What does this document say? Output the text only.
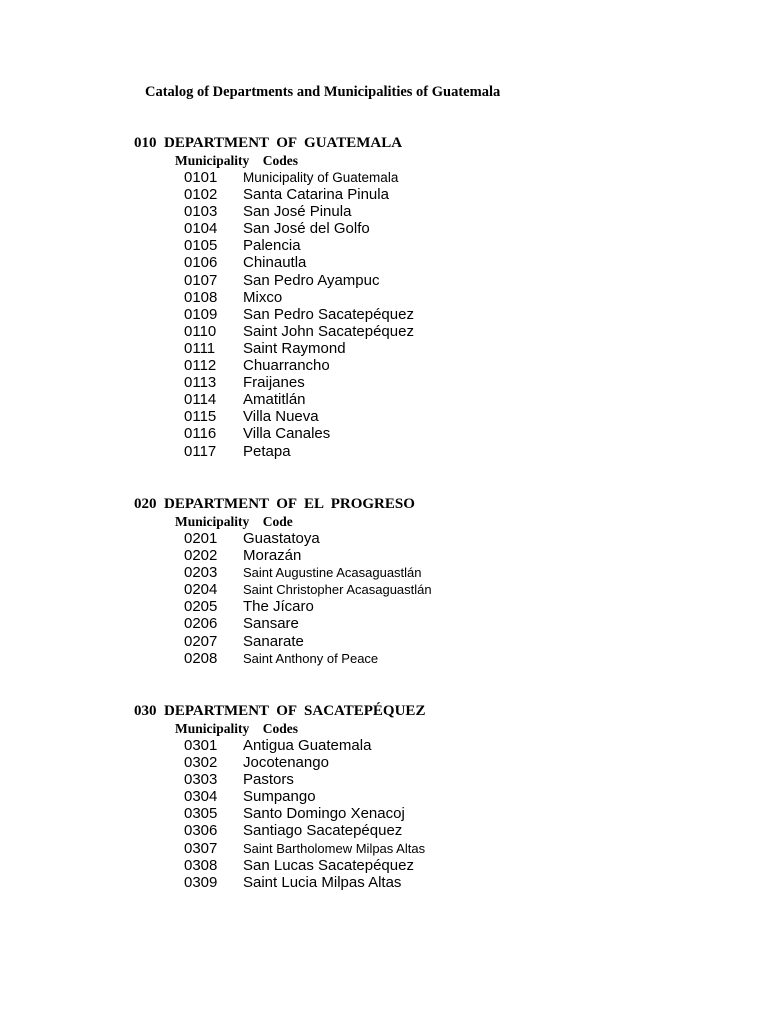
Catalog of Departments and Municipalities of Guatemala
010  DEPARTMENT  OF  GUATEMALA
Municipality    Codes
0101 Municipality of Guatemala
0102 Santa Catarina Pinula
0103 San José Pinula
0104 San José del Golfo
0105 Palencia
0106 Chinautla
0107 San Pedro Ayampuc
0108 Mixco
0109 San Pedro Sacatepéquez
0110 Saint John Sacatepéquez
0111 Saint Raymond
0112 Chuarrancho
0113 Fraijanes
0114 Amatitlán
0115 Villa Nueva
0116 Villa Canales
0117 Petapa
020  DEPARTMENT  OF  EL  PROGRESO
Municipality    Code
0201 Guastatoya
0202 Morazán
0203 Saint Augustine Acasaguastlán
0204 Saint Christopher Acasaguastlán
0205 The Jícaro
0206 Sansare
0207 Sanarate
0208 Saint Anthony of Peace
030  DEPARTMENT  OF  SACATEPÉQUEZ
Municipality    Codes
0301 Antigua Guatemala
0302 Jocotenango
0303 Pastors
0304 Sumpango
0305 Santo Domingo Xenacoj
0306 Santiago Sacatepéquez
0307 Saint Bartholomew Milpas Altas
0308 San Lucas Sacatepéquez
0309 Saint Lucia Milpas Altas
